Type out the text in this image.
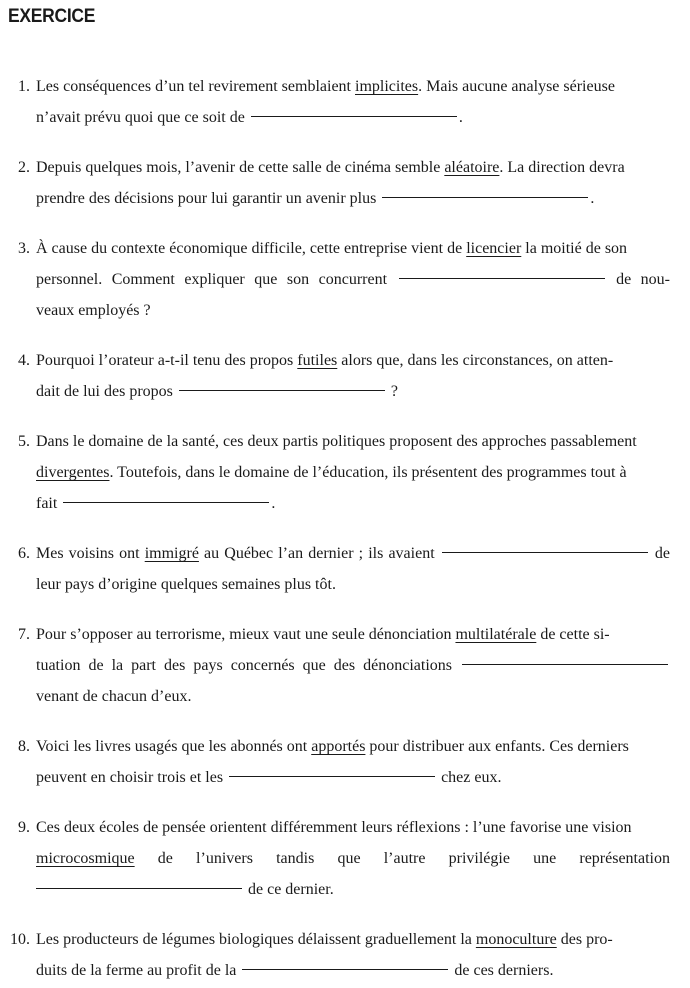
EXERCICE
1. Les conséquences d’un tel revirement semblaient implicites. Mais aucune analyse sérieuse
n’avait prévu quoi que ce soit de	.
2. Depuis quelques mois, l’avenir de cette salle de cinéma semble aléatoire. La direction devra
prendre des décisions pour lui garantir un avenir plus	.
3. À cause du contexte économique difficile, cette entreprise vient de licencier la moitié de son
personnel. Comment expliquer que son concurrent	de nou-
veaux employés ?
4. Pourquoi l’orateur a-t-il tenu des propos futiles alors que, dans les circonstances, on atten-
dait de lui des propos	?
5. Dans le domaine de la santé, ces deux partis politiques proposent des approches passablement
divergentes. Toutefois, dans le domaine de l’éducation, ils présentent des programmes tout à
fait	.
6. Mes voisins ont immigré au Québec l’an dernier ; ils avaient	de
leur pays d’origine quelques semaines plus tôt.
7. Pour s’opposer au terrorisme, mieux vaut une seule dénonciation multilatérale de cette si-
tuation de la part des pays concernés que des dénonciations
venant de chacun d’eux.
8. Voici les livres usagés que les abonnés ont apportés pour distribuer aux enfants. Ces derniers
peuvent en choisir trois et les	chez eux.
9. Ces deux écoles de pensée orientent différemment leurs réflexions : l’une favorise une vision
microcosmique de l’univers tandis que l’autre privilégie une représentation
de ce dernier.
10. Les producteurs de légumes biologiques délaissent graduellement la monoculture des pro-
duits de la ferme au profit de la	de ces derniers.
